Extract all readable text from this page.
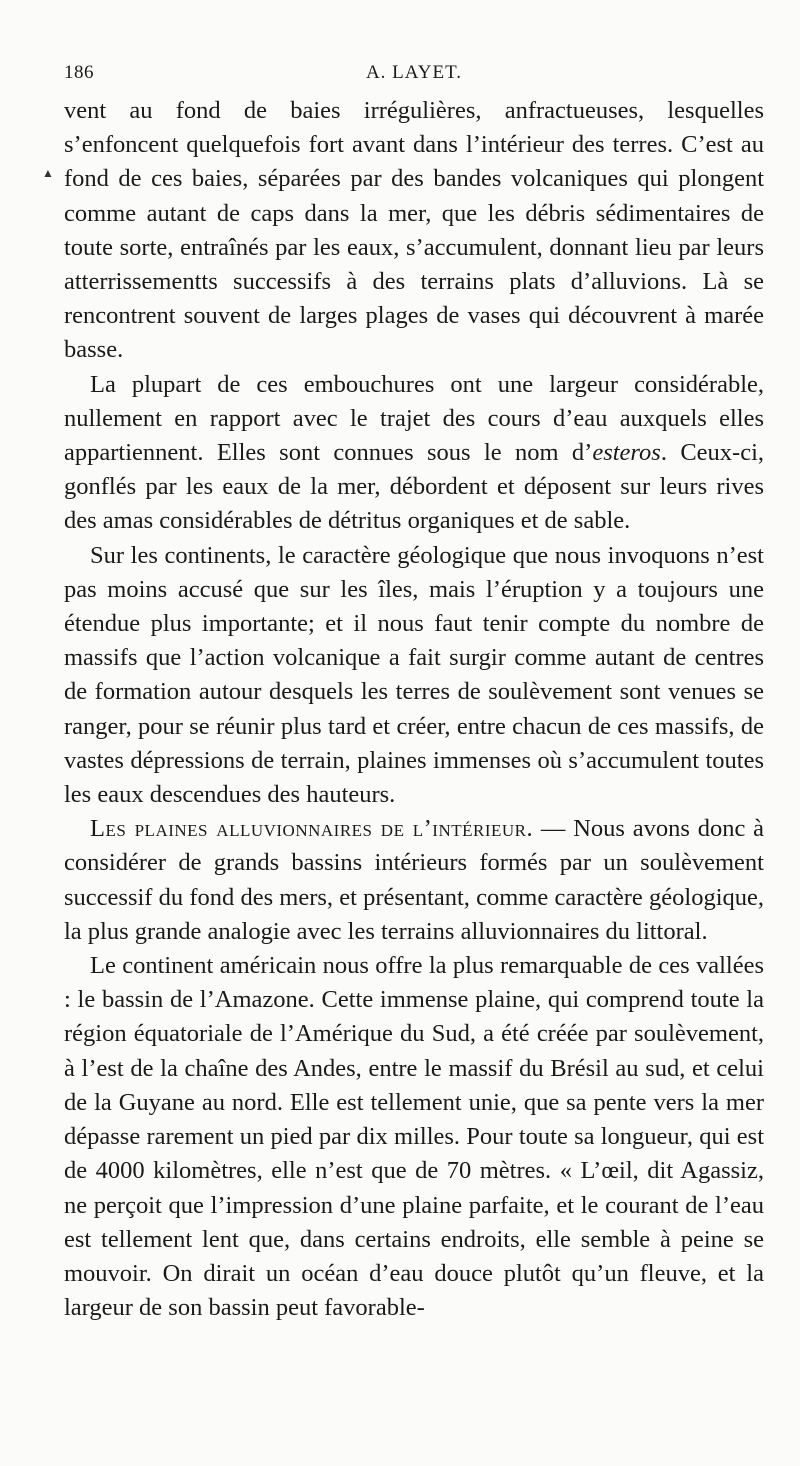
▲
186	A. LAYET.

vent au fond de baies irrégulières, anfractueuses, lesquelles s’enfoncent quelquefois fort avant dans l’intérieur des terres. C’est au fond de ces baies, séparées par des bandes volcaniques qui plongent comme autant de caps dans la mer, que les débris sédimentaires de toute sorte, entraînés par les eaux, s’accumulent, donnant lieu par leurs atterrissementts successifs à des terrains plats d’alluvions. Là se rencontrent souvent de larges plages de vases qui découvrent à marée basse.

La plupart de ces embouchures ont une largeur considérable, nullement en rapport avec le trajet des cours d’eau auxquels elles appartiennent. Elles sont connues sous le nom d’esteros. Ceux-ci, gonflés par les eaux de la mer, débordent et déposent sur leurs rives des amas considérables de détritus organiques et de sable.

Sur les continents, le caractère géologique que nous invoquons n’est pas moins accusé que sur les îles, mais l’éruption y a toujours une étendue plus importante; et il nous faut tenir compte du nombre de massifs que l’action volcanique a fait surgir comme autant de centres de formation autour desquels les terres de soulèvement sont venues se ranger, pour se réunir plus tard et créer, entre chacun de ces massifs, de vastes dépressions de terrain, plaines immenses où s’accumulent toutes les eaux descendues des hauteurs.

Les plaines alluvionnaires de l’intérieur. — Nous avons donc à considérer de grands bassins intérieurs formés par un soulèvement successif du fond des mers, et présentant, comme caractère géologique, la plus grande analogie avec les terrains alluvionnaires du littoral.

Le continent américain nous offre la plus remarquable de ces vallées : le bassin de l’Amazone. Cette immense plaine, qui comprend toute la région équatoriale de l’Amérique du Sud, a été créée par soulèvement, à l’est de la chaîne des Andes, entre le massif du Brésil au sud, et celui de la Guyane au nord. Elle est tellement unie, que sa pente vers la mer dépasse rarement un pied par dix milles. Pour toute sa longueur, qui est de 4000 kilomètres, elle n’est que de 70 mètres. « L’œil, dit Agassiz, ne perçoit que l’impression d’une plaine parfaite, et le courant de l’eau est tellement lent que, dans certains endroits, elle semble à peine se mouvoir. On dirait un océan d’eau douce plutôt qu’un fleuve, et la largeur de son bassin peut favorable-
